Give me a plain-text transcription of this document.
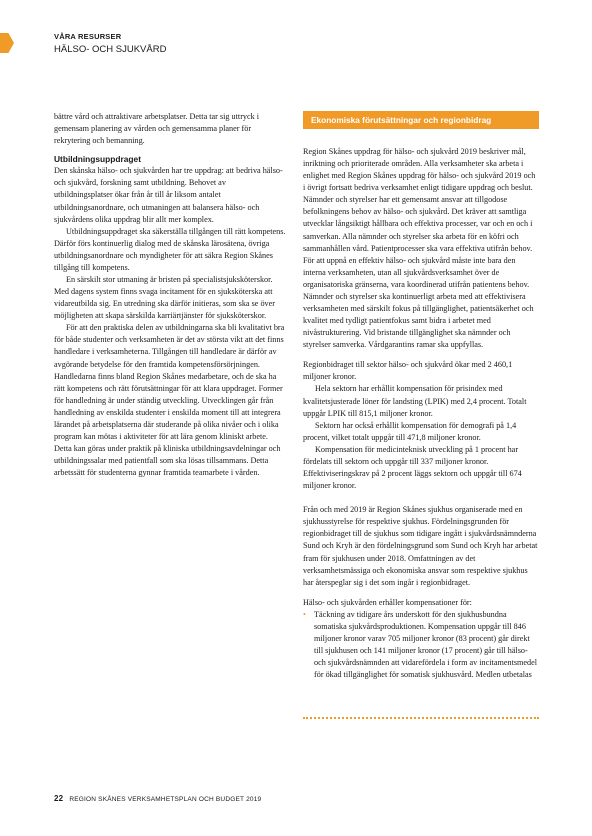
VÅRA RESURSER
HÄLSO- OCH SJUKVÅRD

bättre vård och attraktivare arbetsplatser. Detta tar sig uttryck i gemensam planering av vården och gemensamma planer för rekrytering och bemanning.

Utbildningsuppdraget

Den skånska hälso- och sjukvården har tre uppdrag: att bedriva hälso- och sjukvård, forskning samt utbildning. Behovet av utbildningsplatser ökar från år till år liksom antalet utbildningsanordnare, och utmaningen att balansera hälso- och sjukvårdens olika uppdrag blir allt mer komplex.

Utbildningsuppdraget ska säkerställa tillgången till rätt kompetens. Därför förs kontinuerlig dialog med de skånska lärosätena, övriga utbildningsanordnare och myndigheter för att säkra Region Skånes tillgång till kompetens.

En särskilt stor utmaning är bristen på specialistsjuksköterskor. Med dagens system finns svaga incitament för en sjuksköterska att vidareutbilda sig. En utredning ska därför initieras, som ska se över möjligheten att skapa särskilda karriärtjänster för sjuksköterskor.

För att den praktiska delen av utbildningarna ska bli kvalitativt bra för både studenter och verksamheten är det av största vikt att det finns handledare i verksamheterna. Tillgången till handledare är därför av avgörande betydelse för den framtida kompetensförsörjningen. Handledarna finns bland Region Skånes medarbetare, och de ska ha rätt kompetens och rätt förutsättningar för att klara uppdraget. Former för handledning är under ständig utveckling. Utvecklingen går från handledning av enskilda studenter i enskilda moment till att integrera lärandet på arbetsplatserna där studerande på olika nivåer och i olika program kan mötas i aktiviteter för att lära genom kliniskt arbete. Detta kan göras under praktik på kliniska utbildningsavdelningar och utbildningssalar med patientfall som ska lösas tillsammans. Detta arbetssätt för studenterna gynnar framtida teamarbete i vården.

Ekonomiska förutsättningar och regionbidrag

Region Skånes uppdrag för hälso- och sjukvård 2019 beskriver mål, inriktning och prioriterade områden. Alla verksamheter ska arbeta i enlighet med Region Skånes uppdrag för hälso- och sjukvård 2019 och i övrigt fortsatt bedriva verksamhet enligt tidigare uppdrag och beslut. Nämnder och styrelser har ett gemensamt ansvar att tillgodose befolkningens behov av hälso- och sjukvård. Det kräver att samtliga utvecklar långsiktigt hållbara och effektiva processer, var och en och i samverkan. Alla nämnder och styrelser ska arbeta för en köfri och sammanhållen vård. Patientprocesser ska vara effektiva utifrån behov. För att uppnå en effektiv hälso- och sjukvård måste inte bara den interna verksamheten, utan all sjukvårdsverksamhet över de organisatoriska gränserna, vara koordinerad utifrån patientens behov. Nämnder och styrelser ska kontinuerligt arbeta med att effektivisera verksamheten med särskilt fokus på tillgänglighet, patientsäkerhet och kvalitet med tydligt patientfokus samt bidra i arbetet med nivåstrukturering. Vid bristande tillgänglighet ska nämnder och styrelser samverka. Vårdgarantins ramar ska uppfyllas.

Regionbidraget till sektor hälso- och sjukvård ökar med 2 460,1 miljoner kronor.

Hela sektorn har erhållit kompensation för prisindex med kvalitetsjusterade löner för landsting (LPIK) med 2,4 procent. Totalt uppgår LPIK till 815,1 miljoner kronor.

Sektorn har också erhållit kompensation för demografi på 1,4 procent, vilket totalt uppgår till 471,8 miljoner kronor.

Kompensation för medicinteknisk utveckling på 1 procent har fördelats till sektorn och uppgår till 337 miljoner kronor. Effektiviseringskrav på 2 procent läggs sektorn och uppgår till 674 miljoner kronor.

Från och med 2019 är Region Skånes sjukhus organiserade med en sjukhusstyrelse för respektive sjukhus. Fördelningsgrunden för regionbidraget till de sjukhus som tidigare ingått i sjukvårdsnämnderna Sund och Kryh är den fördelningsgrund som Sund och Kryh har arbetat fram för sjukhusen under 2018. Omfattningen av det verksamhetsmässiga och ekonomiska ansvar som respektive sjukhus har återspeglar sig i det som ingår i regionbidraget.

Hälso- och sjukvården erhåller kompensationer för:

• Täckning av tidigare års underskott för den sjukhusbundna somatiska sjukvårdsproduktionen. Kompensation uppgår till 846 miljoner kronor varav 705 miljoner kronor (83 procent) går direkt till sjukhusen och 141 miljoner kronor (17 procent) går till hälso- och sjukvårdsnämnden att vidarefördela i form av incitamentsmedel för ökad tillgänglighet för somatisk sjukhusvård. Medlen utbetalas
22 REGION SKÅNES VERKSAMHETSPLAN OCH BUDGET 2019
